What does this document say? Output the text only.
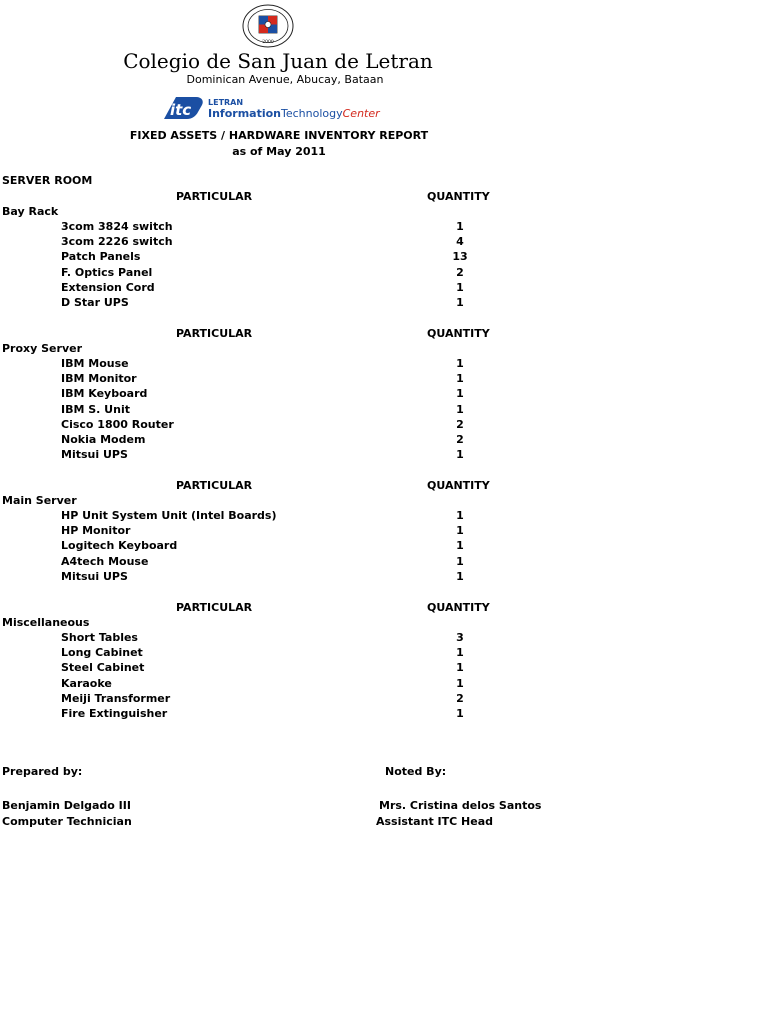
2000
Colegio de San Juan de Letran
Dominican Avenue, Abucay, Bataan
itc LETRAN
InformationTechnologyCenter
FIXED ASSETS / HARDWARE INVENTORY REPORT
as of May 2011
SERVER ROOM
PARTICULAR	QUANTITY
Bay Rack
3com 3824 switch	1
3com 2226 switch	4
Patch Panels	13
F. Optics Panel	2
Extension Cord	1
D Star UPS	1
PARTICULAR	QUANTITY
Proxy Server
IBM Mouse	1
IBM Monitor	1
IBM Keyboard	1
IBM S. Unit	1
Cisco 1800 Router	2
Nokia Modem	2
Mitsui UPS	1
PARTICULAR	QUANTITY
Main Server
HP Unit System Unit (Intel Boards)	1
HP Monitor	1
Logitech Keyboard	1
A4tech Mouse	1
Mitsui UPS	1
PARTICULAR	QUANTITY
Miscellaneous
Short Tables	3
Long Cabinet	1
Steel Cabinet	1
Karaoke	1
Meiji Transformer	2
Fire Extinguisher	1
Prepared by:	Noted By:
Benjamin Delgado III	Mrs. Cristina delos Santos
Computer Technician	Assistant ITC Head
